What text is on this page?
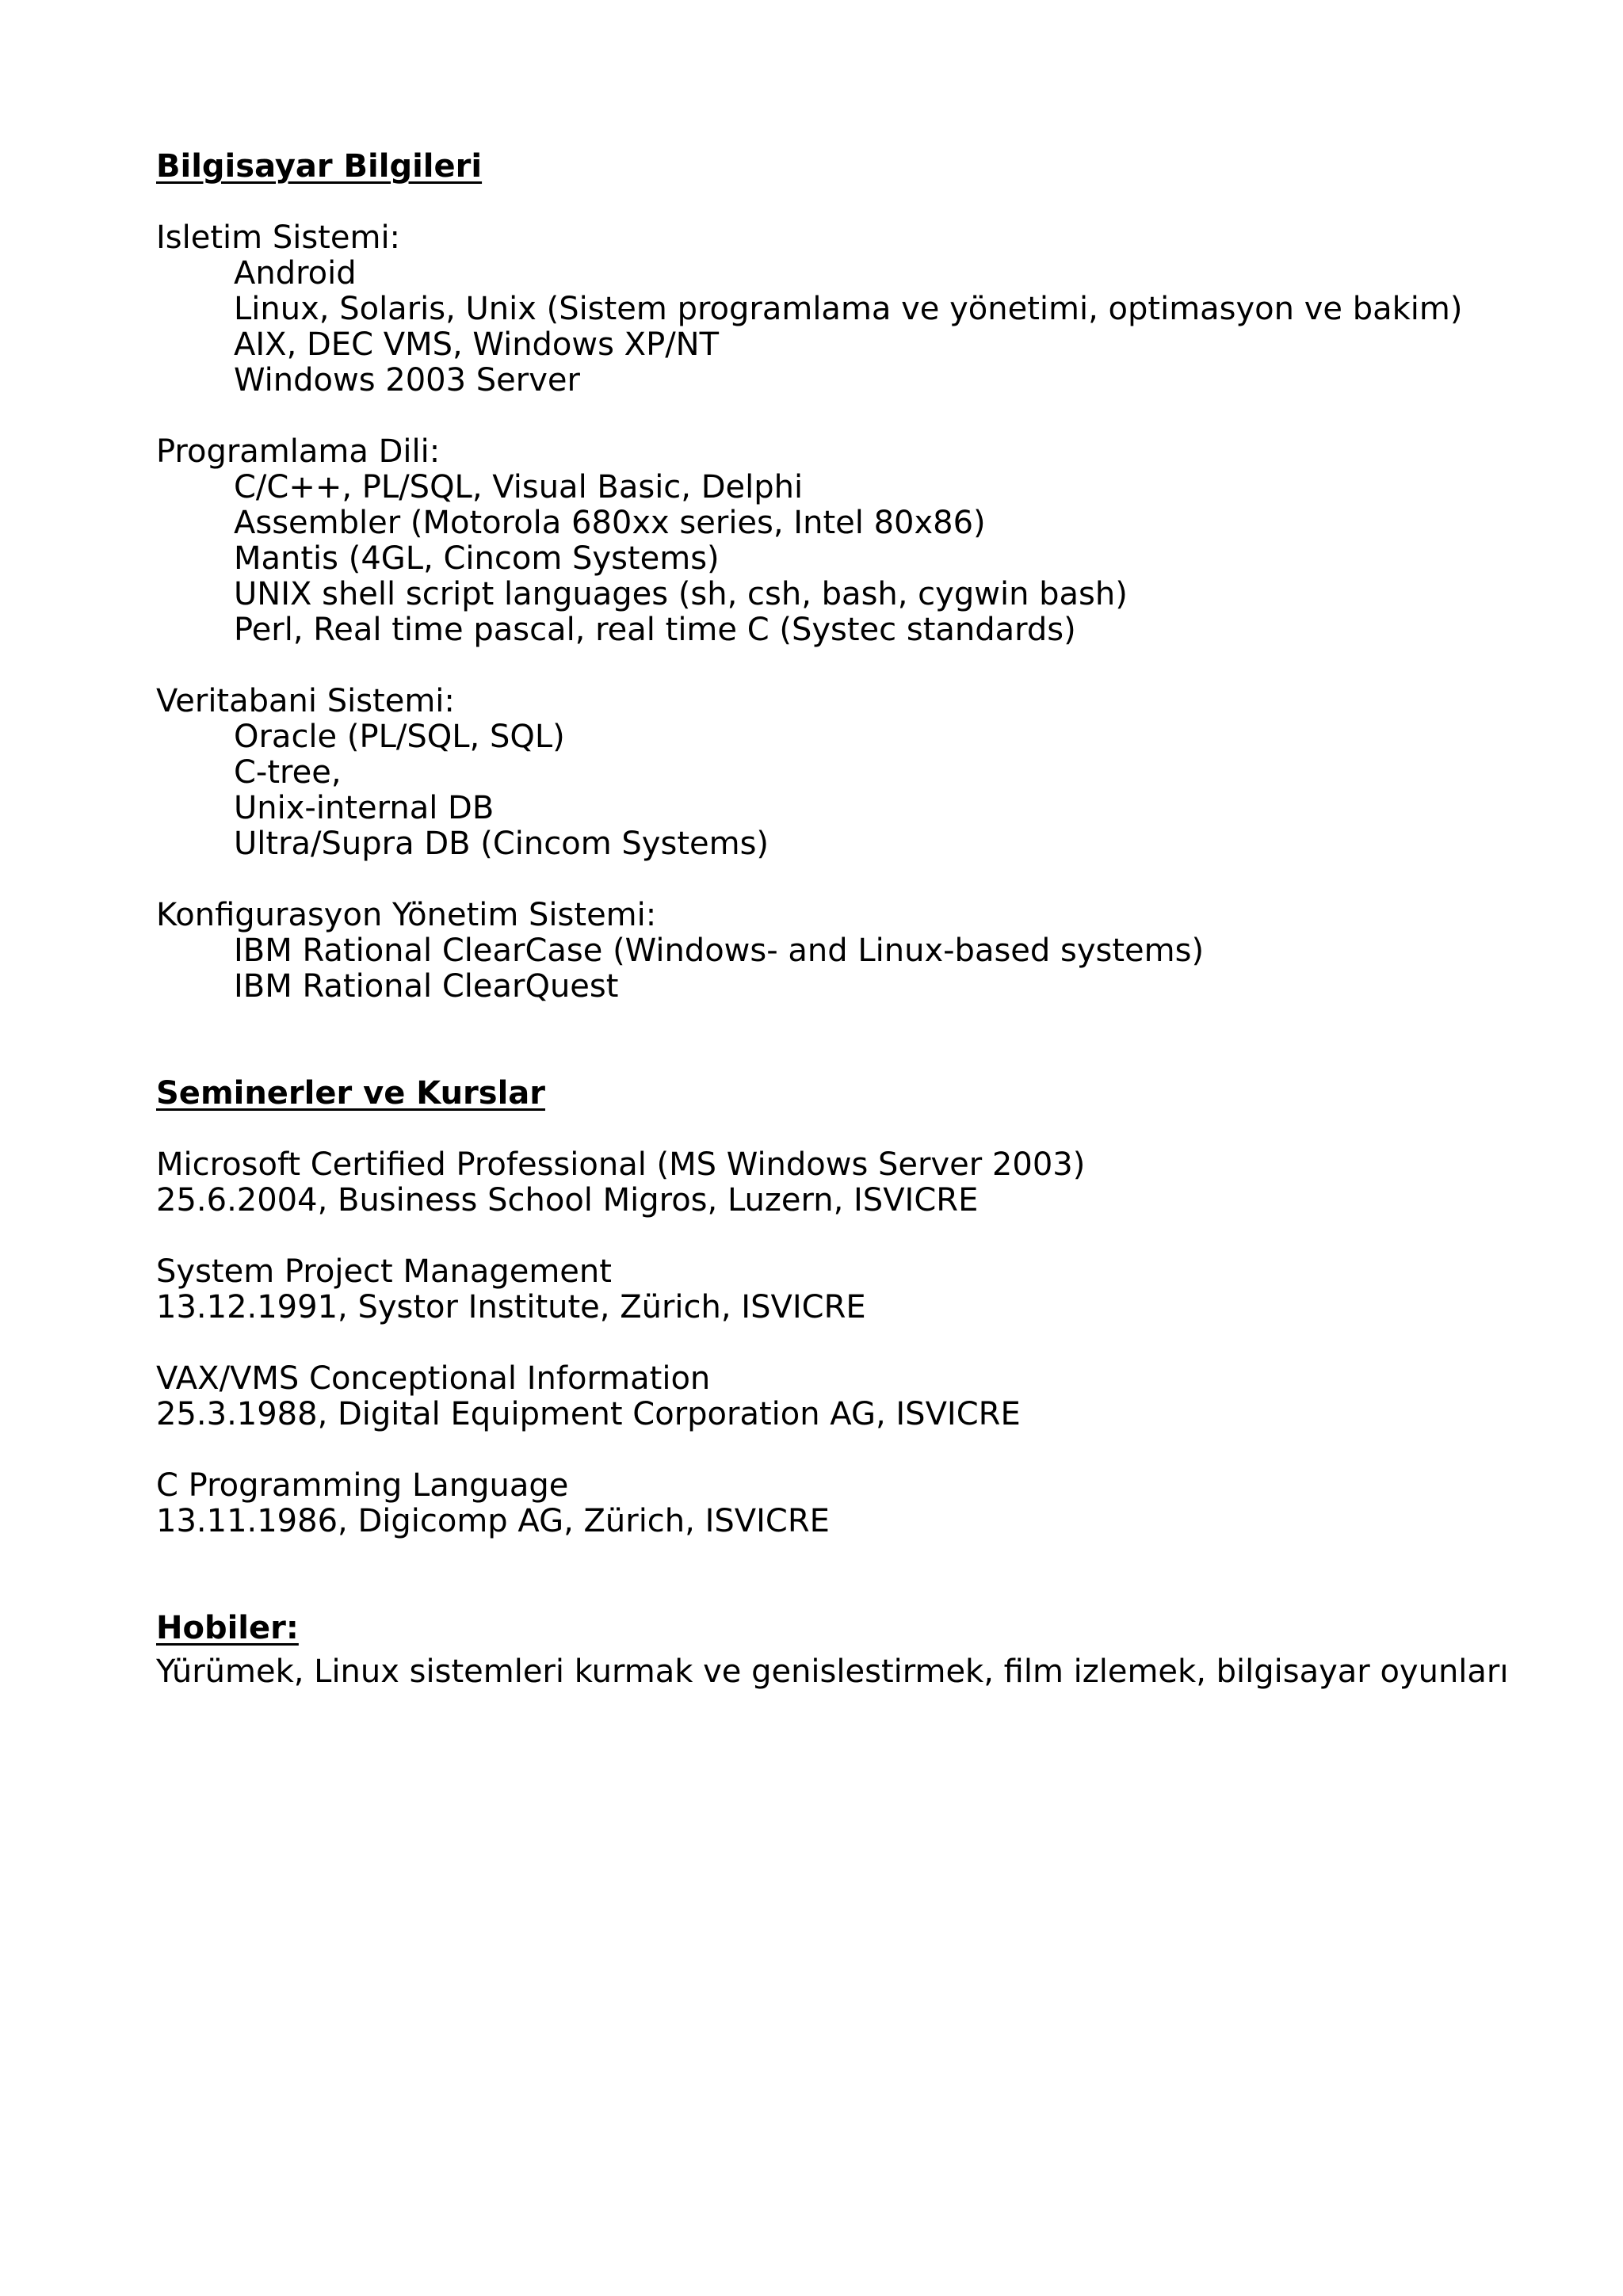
Bilgisayar Bilgileri
Isletim Sistemi:
Android
Linux, Solaris, Unix (Sistem programlama ve yönetimi, optimasyon ve bakim)
AIX, DEC VMS, Windows XP/NT
Windows 2003 Server
Programlama Dili:
C/C++, PL/SQL, Visual Basic, Delphi
Assembler (Motorola 680xx series, Intel 80x86)
Mantis (4GL, Cincom Systems)
UNIX shell script languages (sh, csh, bash, cygwin bash)
Perl, Real time pascal, real time C (Systec standards)
Veritabani Sistemi:
Oracle (PL/SQL, SQL)
C-tree,
Unix-internal DB
Ultra/Supra DB (Cincom Systems)
Konfigurasyon Yönetim Sistemi:
IBM Rational ClearCase (Windows- and Linux-based systems)
IBM Rational ClearQuest
Seminerler ve Kurslar
Microsoft Certified Professional (MS Windows Server 2003)
25.6.2004, Business School Migros, Luzern, ISVICRE
System Project Management
13.12.1991, Systor Institute, Zürich, ISVICRE
VAX/VMS Conceptional Information
25.3.1988, Digital Equipment Corporation AG, ISVICRE
C Programming Language
13.11.1986, Digicomp AG, Zürich, ISVICRE
Hobiler:
Yürümek, Linux sistemleri kurmak ve genislestirmek, film izlemek, bilgisayar oyunları
